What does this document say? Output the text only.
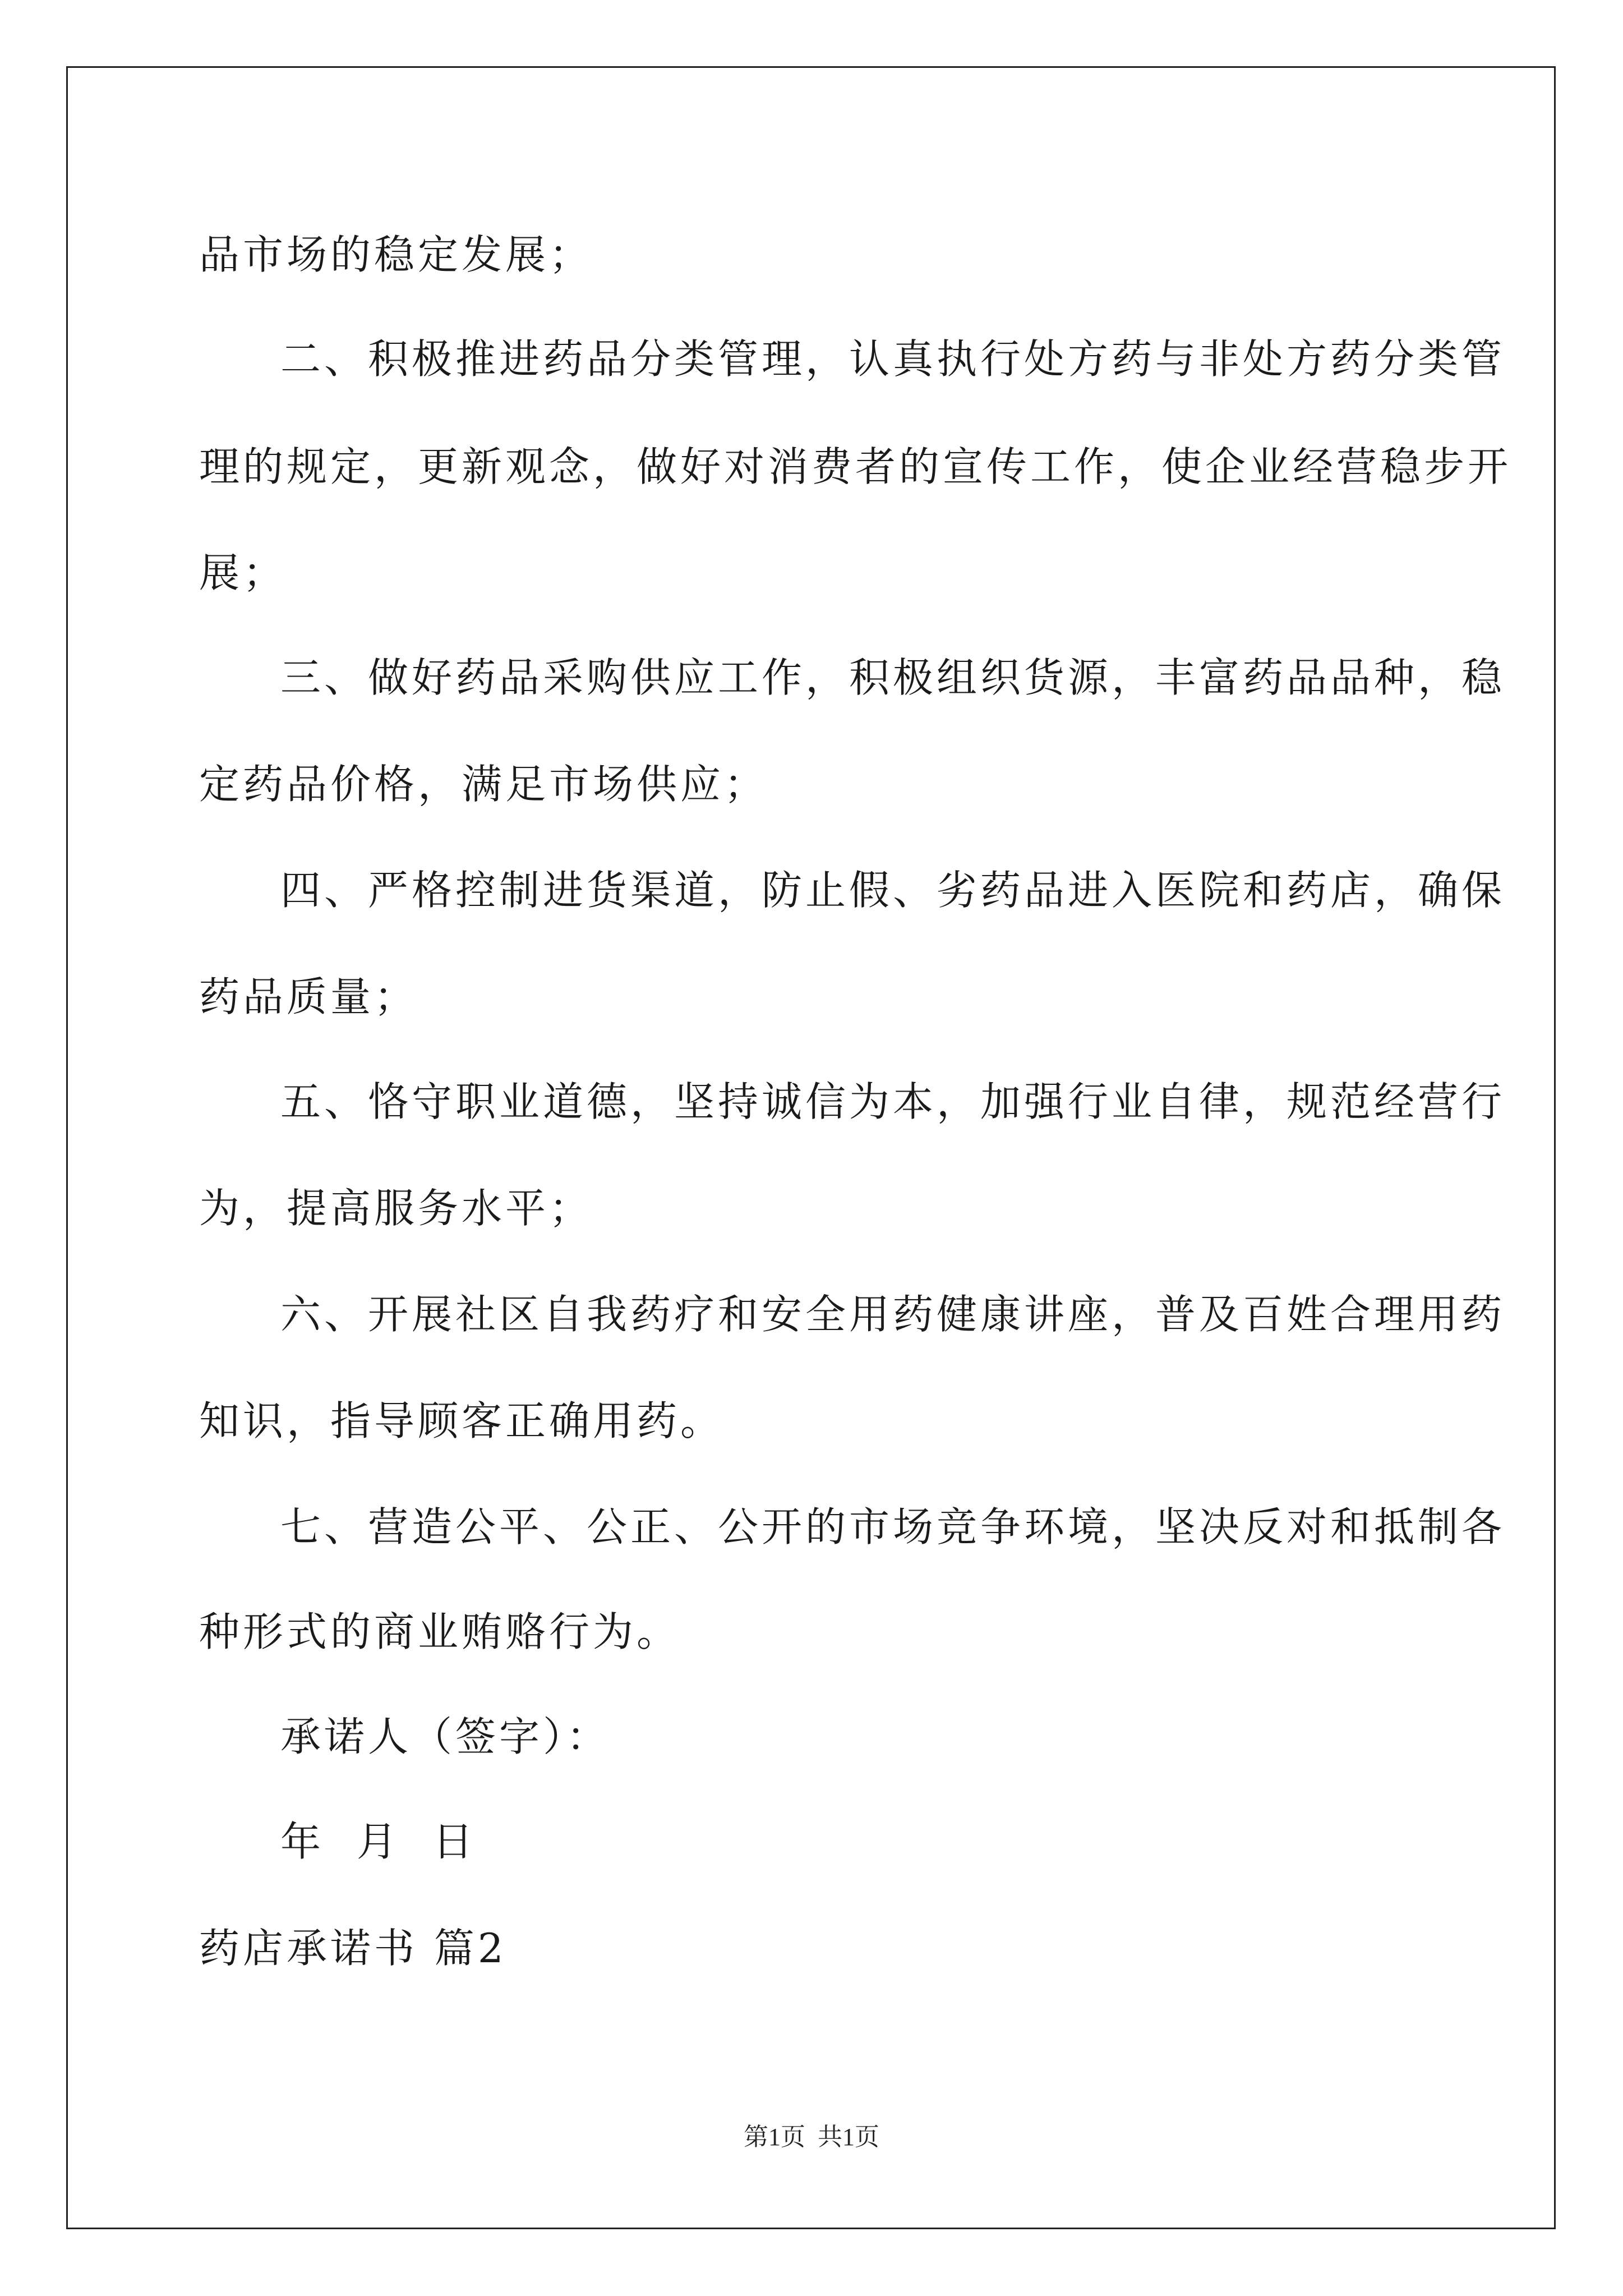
品市场的稳定发展；
二、积极推进药品分类管理，认真执行处方药与非处方药分类管
理的规定，更新观念，做好对消费者的宣传工作，使企业经营稳步开
展；
三、做好药品采购供应工作，积极组织货源，丰富药品品种，稳
定药品价格，满足市场供应；
四、严格控制进货渠道，防止假、劣药品进入医院和药店，确保
药品质量；
五、恪守职业道德，坚持诚信为本，加强行业自律，规范经营行
为，提高服务水平；
六、开展社区自我药疗和安全用药健康讲座，普及百姓合理用药
知识，指导顾客正确用药。
七、营造公平、公正、公开的市场竞争环境，坚决反对和抵制各
种形式的商业贿赂行为。
承诺人（签字）：
年  月  日
药店承诺书 篇2
第1页  共1页
